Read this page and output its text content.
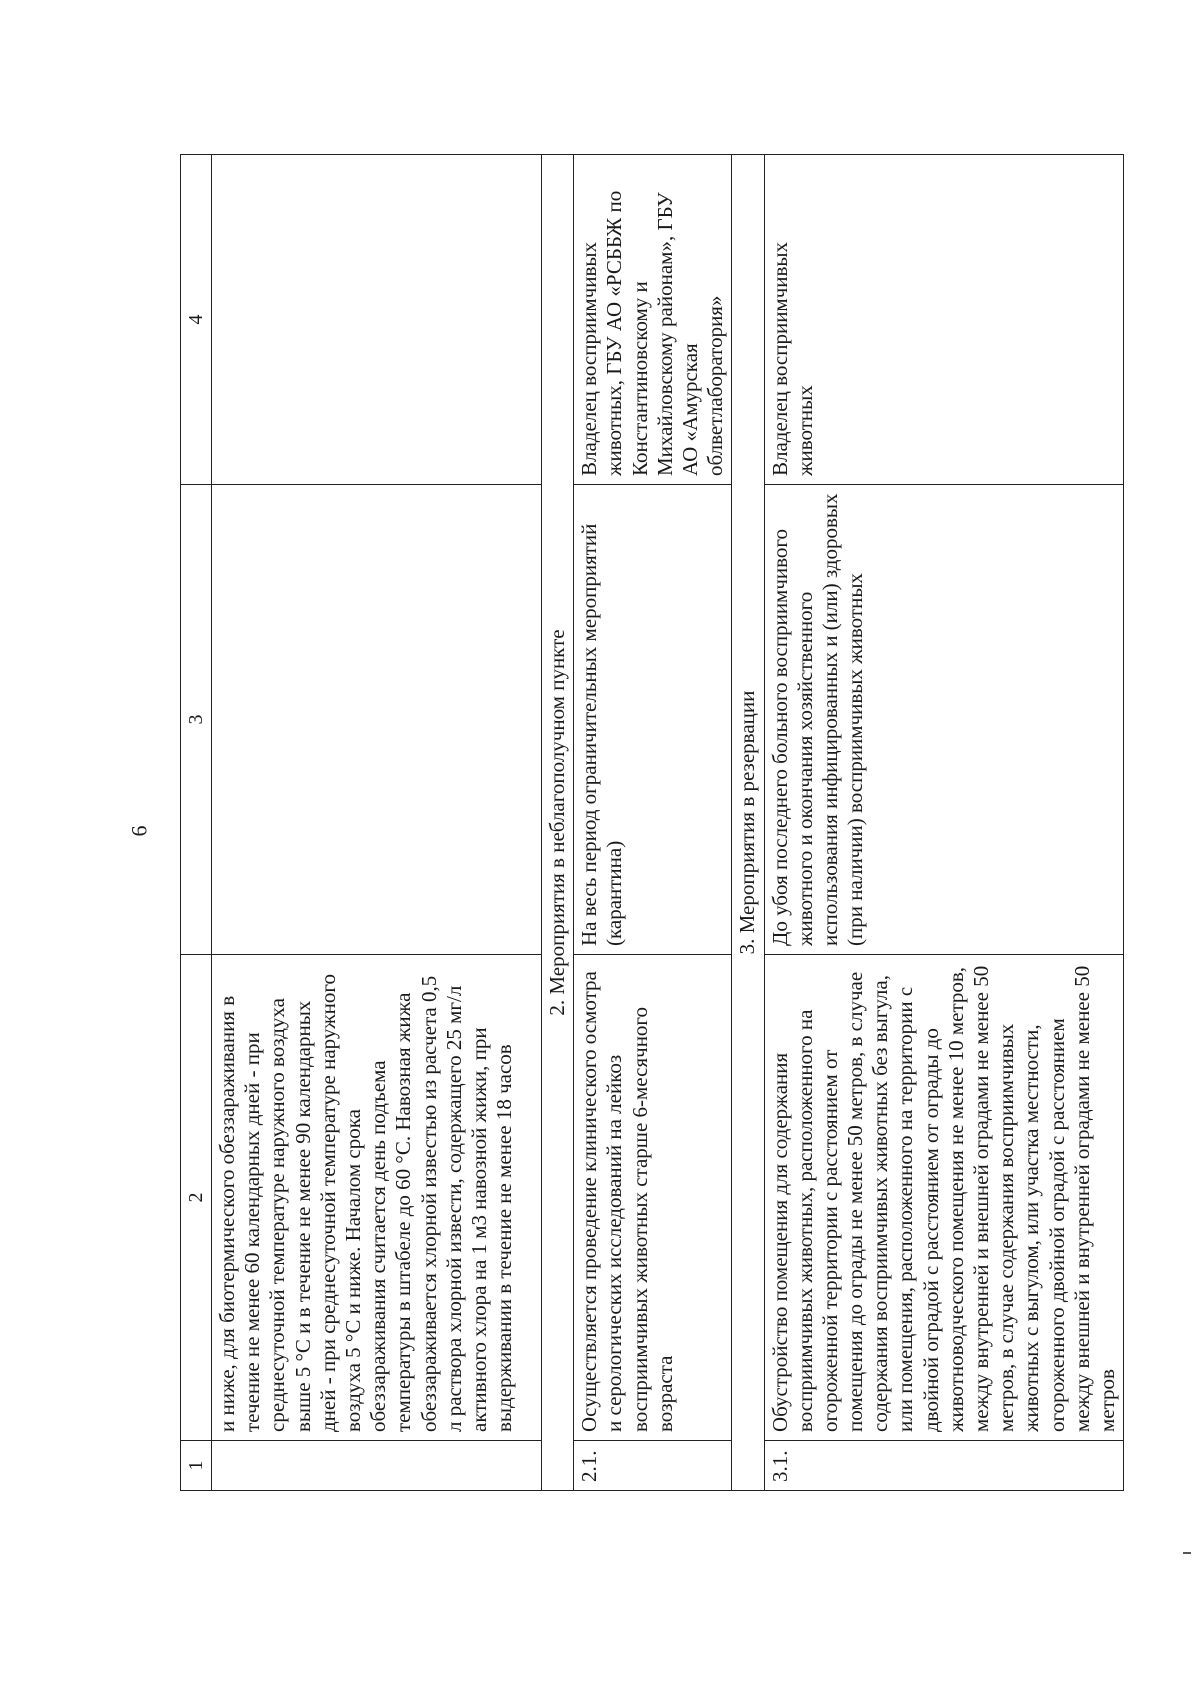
6
1	2	3	4
	и ниже, для биотермического обеззараживания в течение не менее 60 календарных дней - при среднесуточной температуре наружного воздуха выше 5 °С и в течение не менее 90 календарных дней - при среднесуточной температуре наружного воздуха 5 °С и ниже. Началом срока обеззараживания считается день подъема температуры в штабеле до 60 °С. Навозная жижа обеззараживается хлорной известью из расчета 0,5 л раствора хлорной извести, содержащего 25 мг/л активного хлора на 1 м3 навозной жижи, при выдерживании в течение не менее 18 часов		
2. Мероприятия в неблагополучном пункте			
2.1.	Осуществляется проведение клинического осмотра и серологических исследований на лейкоз восприимчивых животных старше 6-месячного возраста	На весь период ограничительных мероприятий (карантина)	Владелец восприимчивых животных, ГБУ АО «РСББЖ по Константиновскому и Михайловскому районам», ГБУ АО «Амурская облветлаборатория»
3. Мероприятия в резервации			
3.1.	Обустройство помещения для содержания восприимчивых животных, расположенного на огороженной территории с расстоянием от помещения до ограды не менее 50 метров, в случае содержания восприимчивых животных без выгула, или помещения, расположенного на территории с двойной оградой с расстоянием от ограды до животноводческого помещения не менее 10 метров, между внутренней и внешней оградами не менее 50 метров, в случае содержания восприимчивых животных с выгулом, или участка местности, огороженного двойной оградой с расстоянием между внешней и внутренней оградами не менее 50 метров	До убоя последнего больного восприимчивого животного и окончания хозяйственного использования инфицированных и (или) здоровых (при наличии) восприимчивых животных	Владелец восприимчивых животных
